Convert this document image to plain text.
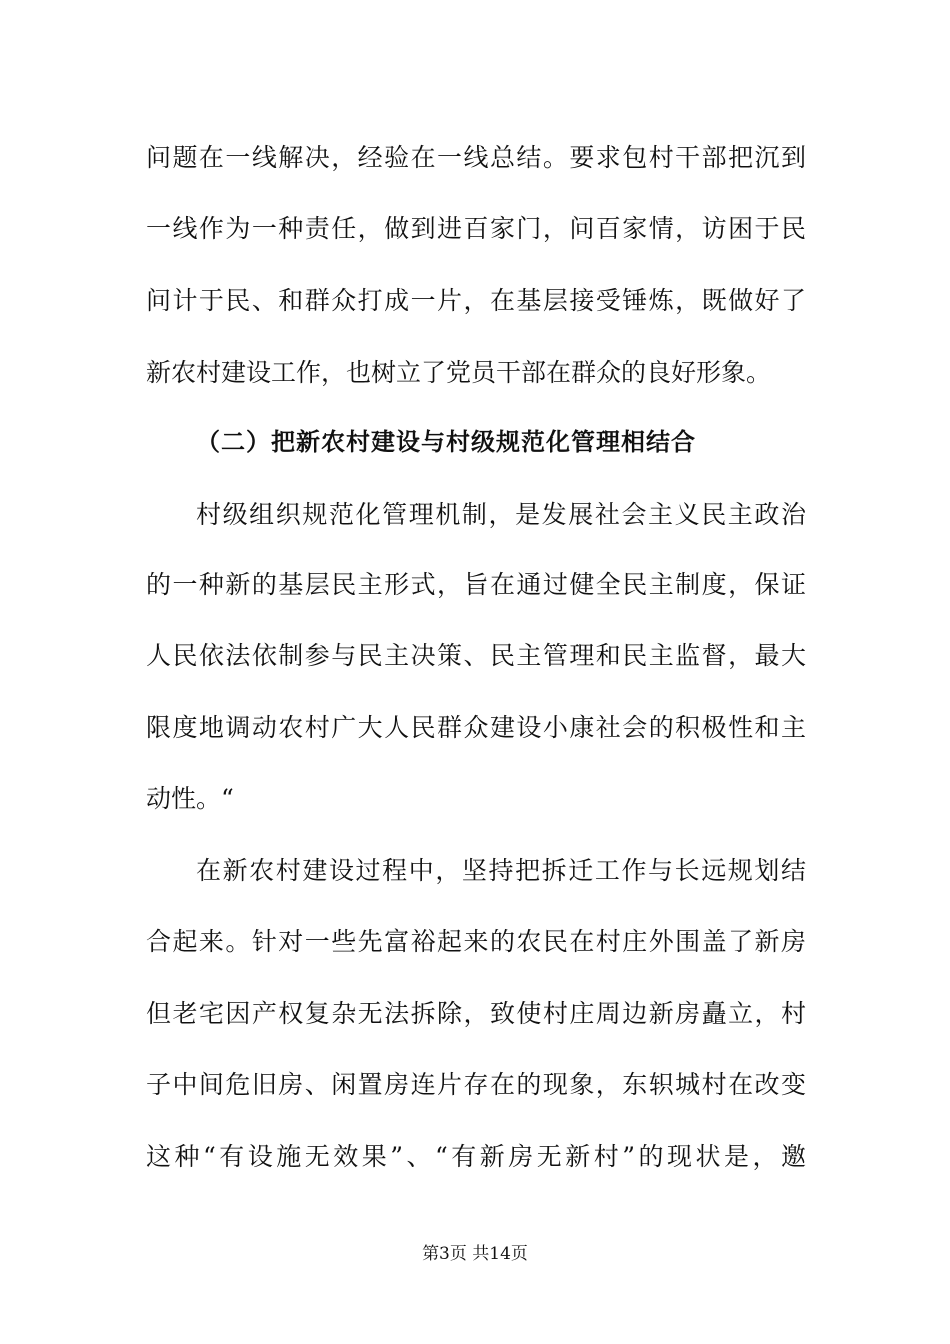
问题在一线解决，经验在一线总结。要求包村干部把沉到
一线作为一种责任，做到进百家门，问百家情，访困于民
问计于民、和群众打成一片，在基层接受锤炼，既做好了
新农村建设工作，也树立了党员干部在群众的良好形象。
（二）把新农村建设与村级规范化管理相结合
村级组织规范化管理机制，是发展社会主义民主政治
的一种新的基层民主形式，旨在通过健全民主制度，保证
人民依法依制参与民主决策、民主管理和民主监督，最大
限度地调动农村广大人民群众建设小康社会的积极性和主
动性。“
在新农村建设过程中，坚持把拆迁工作与长远规划结
合起来。针对一些先富裕起来的农民在村庄外围盖了新房
但老宅因产权复杂无法拆除，致使村庄周边新房矗立，村
子中间危旧房、闲置房连片存在的现象，东轵城村在改变
这种“有设施无效果”、“有新房无新村”的现状是，邀
第3页 共14页
